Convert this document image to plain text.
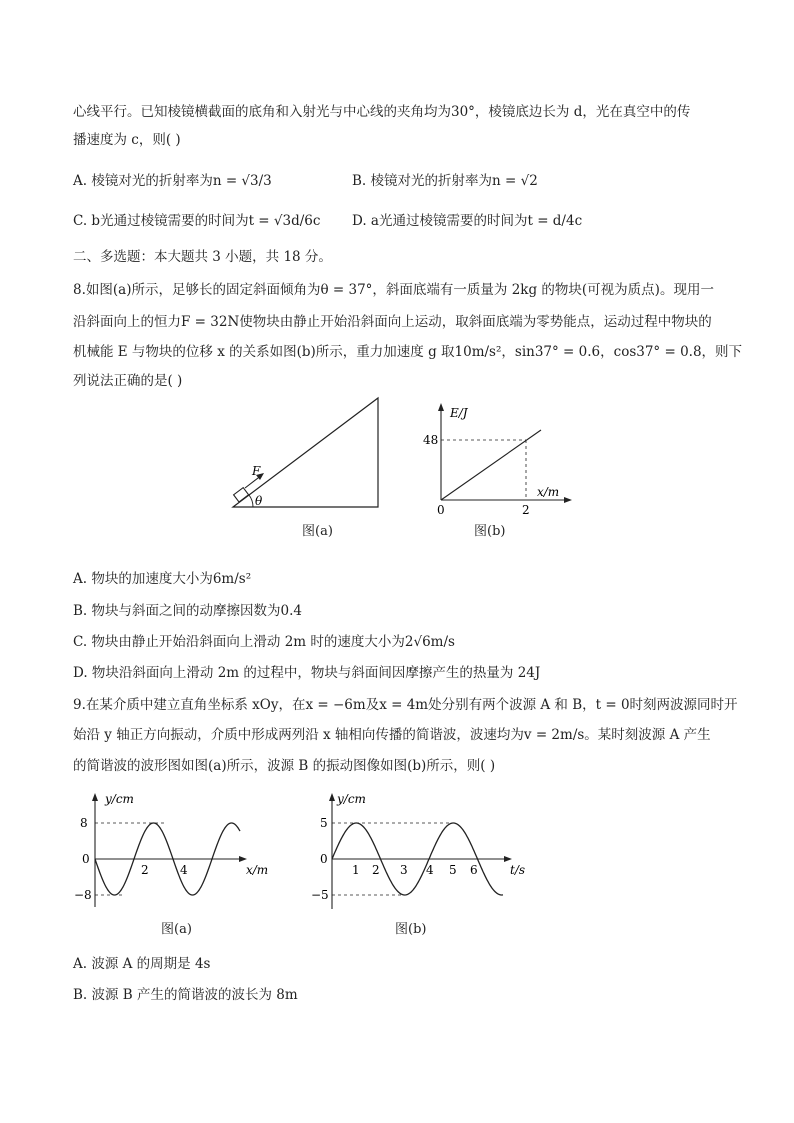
心线平行。已知棱镜横截面的底角和入射光与中心线的夹角均为30°，棱镜底边长为 d，光在真空中的传
播速度为 c，则( )
A. 棱镜对光的折射率为n = √3/3	B. 棱镜对光的折射率为n = √2
C. b光通过棱镜需要的时间为t = √3d/6c D. a光通过棱镜需要的时间为t = d/4c
二、多选题：本大题共 3 小题，共 18 分。
8.如图(a)所示，足够长的固定斜面倾角为θ = 37°，斜面底端有一质量为 2kg 的物块(可视为质点)。现用一
沿斜面向上的恒力F = 32N使物块由静止开始沿斜面向上运动，取斜面底端为零势能点，运动过程中物块的
机械能 E 与物块的位移 x 的关系如图(b)所示，重力加速度 g 取10m/s²，sin37° = 0.6，cos37° = 0.8，则下
列说法正确的是( )
F
θ
图(a)
E/J
x/m
48
0	2
图(b)
A. 物块的加速度大小为6m/s²
B. 物块与斜面之间的动摩擦因数为0.4
C. 物块由静止开始沿斜面向上滑动 2m 时的速度大小为2√6m/s
D. 物块沿斜面向上滑动 2m 的过程中，物块与斜面间因摩擦产生的热量为 24J
9.在某介质中建立直角坐标系 xOy，在x = −6m及x = 4m处分别有两个波源 A 和 B，t = 0时刻两波源同时开
始沿 y 轴正方向振动，介质中形成两列沿 x 轴相向传播的简谐波，波速均为v = 2m/s。某时刻波源 A 产生
的简谐波的波形图如图(a)所示，波源 B 的振动图像如图(b)所示，则( )
y/cm
x/m
8
−8
0
2	4
图(a)
y/cm
t/s
5
−5
0
1 2 3 4 5 6
图(b)
A. 波源 A 的周期是 4s
B. 波源 B 产生的简谐波的波长为 8m
